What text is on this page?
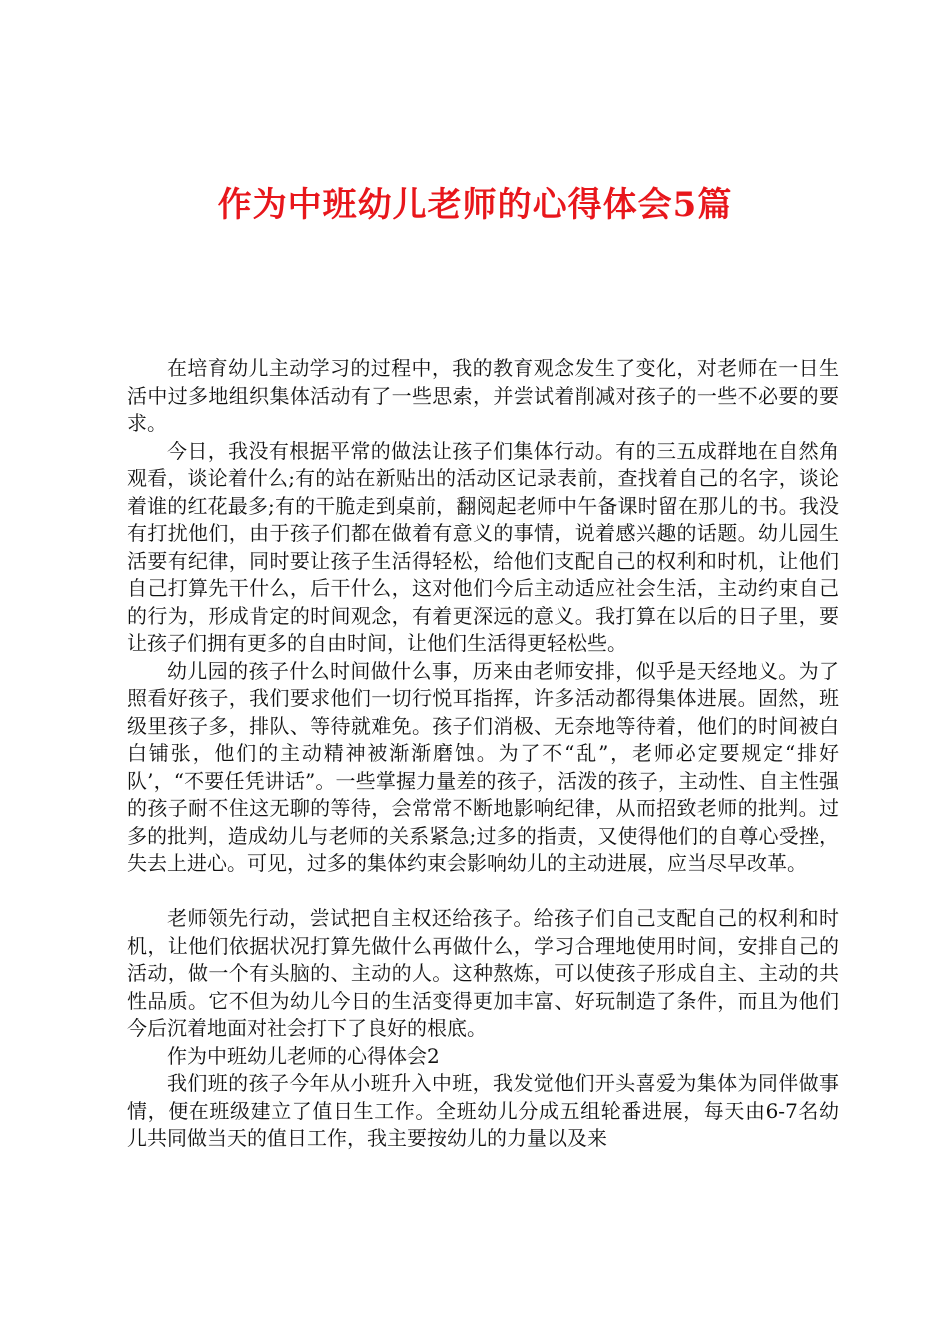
作为中班幼儿老师的心得体会5篇

在培育幼儿主动学习的过程中，我的教育观念发生了变化，对老师在一日生活中过多地组织集体活动有了一些思索，并尝试着削减对孩子的一些不必要的要求。

今日，我没有根据平常的做法让孩子们集体行动。有的三五成群地在自然角观看，谈论着什么;有的站在新贴出的活动区记录表前，查找着自己的名字，谈论着谁的红花最多;有的干脆走到桌前，翻阅起老师中午备课时留在那儿的书。我没有打扰他们，由于孩子们都在做着有意义的事情，说着感兴趣的话题。幼儿园生活要有纪律，同时要让孩子生活得轻松，给他们支配自己的权利和时机，让他们自己打算先干什么，后干什么，这对他们今后主动适应社会生活，主动约束自己的行为，形成肯定的时间观念，有着更深远的意义。我打算在以后的日子里，要让孩子们拥有更多的自由时间，让他们生活得更轻松些。

幼儿园的孩子什么时间做什么事，历来由老师安排，似乎是天经地义。为了照看好孩子，我们要求他们一切行悦耳指挥，许多活动都得集体进展。固然，班级里孩子多，排队、等待就难免。孩子们消极、无奈地等待着，他们的时间被白白铺张，他们的主动精神被渐渐磨蚀。为了不“乱”，老师必定要规定“排好队’，“不要任凭讲话”。一些掌握力量差的孩子，活泼的孩子，主动性、自主性强的孩子耐不住这无聊的等待，会常常不断地影响纪律，从而招致老师的批判。过多的批判，造成幼儿与老师的关系紧急;过多的指责，又使得他们的自尊心受挫，失去上进心。可见，过多的集体约束会影响幼儿的主动进展，应当尽早改革。

老师领先行动，尝试把自主权还给孩子。给孩子们自己支配自己的权利和时机，让他们依据状况打算先做什么再做什么，学习合理地使用时间，安排自己的活动，做一个有头脑的、主动的人。这种熬炼，可以使孩子形成自主、主动的共性品质。它不但为幼儿今日的生活变得更加丰富、好玩制造了条件，而且为他们今后沉着地面对社会打下了良好的根底。

作为中班幼儿老师的心得体会2

我们班的孩子今年从小班升入中班，我发觉他们开头喜爱为集体为同伴做事情，便在班级建立了值日生工作。全班幼儿分成五组轮番进展，每天由6-7名幼儿共同做当天的值日工作，我主要按幼儿的力量以及来
